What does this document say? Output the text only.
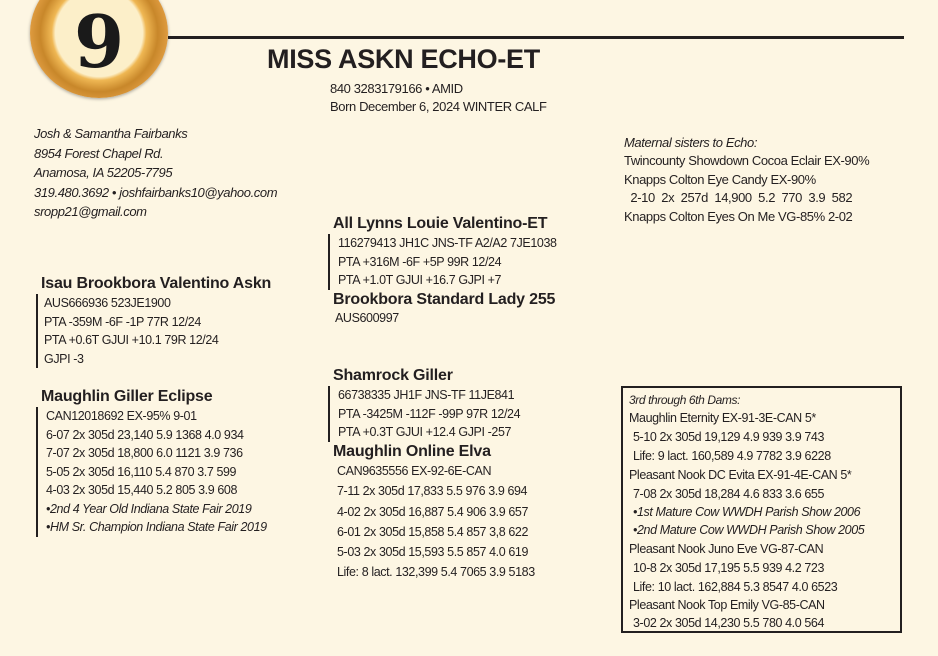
9	MISS ASKN ECHO-ET
840 3283179166 • AMID
Born December 6, 2024 WINTER CALF
Josh & Samantha Fairbanks
8954 Forest Chapel Rd.
Anamosa, IA 52205-7795
319.480.3692 • joshfairbanks10@yahoo.com
sropp21@gmail.com
Isau Brookbora Valentino Askn
AUS666936 523JE1900
PTA -359M -6F -1P 77R 12/24
PTA +0.6T GJUI +10.1 79R 12/24
GJPI -3
All Lynns Louie Valentino-ET
116279413 JH1C JNS-TF A2/A2 7JE1038
PTA +316M -6F +5P 99R 12/24
PTA +1.0T GJUI +16.7 GJPI +7
Brookbora Standard Lady 255
AUS600997
Maughlin Giller Eclipse
CAN12018692 EX-95% 9-01
6-07 2x 305d 23,140 5.9 1368 4.0 934
7-07 2x 305d 18,800 6.0 1121 3.9 736
5-05 2x 305d 16,110 5.4 870 3.7 599
4-03 2x 305d 15,440 5.2 805 3.9 608
•2nd 4 Year Old Indiana State Fair 2019
•HM Sr. Champion Indiana State Fair 2019
Shamrock Giller
66738335 JH1F JNS-TF 11JE841
PTA -3425M -112F -99P 97R 12/24
PTA +0.3T GJUI +12.4 GJPI -257
Maughlin Online Elva
CAN9635556 EX-92-6E-CAN
7-11 2x 305d 17,833 5.5 976 3.9 694
4-02 2x 305d 16,887 5.4 906 3.9 657
6-01 2x 305d 15,858 5.4 857 3,8 622
5-03 2x 305d 15,593 5.5 857 4.0 619
Life: 8 lact. 132,399 5.4 7065 3.9 5183
Maternal sisters to Echo:
Twincounty Showdown Cocoa Eclair EX-90%
Knapps Colton Eye Candy EX-90%
2-10  2x  257d  14,900  5.2  770  3.9  582
Knapps Colton Eyes On Me VG-85% 2-02
3rd through 6th Dams:
Maughlin Eternity EX-91-3E-CAN 5*
5-10 2x 305d 19,129 4.9 939 3.9 743
Life: 9 lact. 160,589 4.9 7782 3.9 6228
Pleasant Nook DC Evita EX-91-4E-CAN 5*
7-08 2x 305d 18,284 4.6 833 3.6 655
•1st Mature Cow WWDH Parish Show 2006
•2nd Mature Cow WWDH Parish Show 2005
Pleasant Nook Juno Eve VG-87-CAN
10-8 2x 305d 17,195 5.5 939 4.2 723
Life: 10 lact. 162,884 5.3 8547 4.0 6523
Pleasant Nook Top Emily VG-85-CAN
3-02 2x 305d 14,230 5.5 780 4.0 564
